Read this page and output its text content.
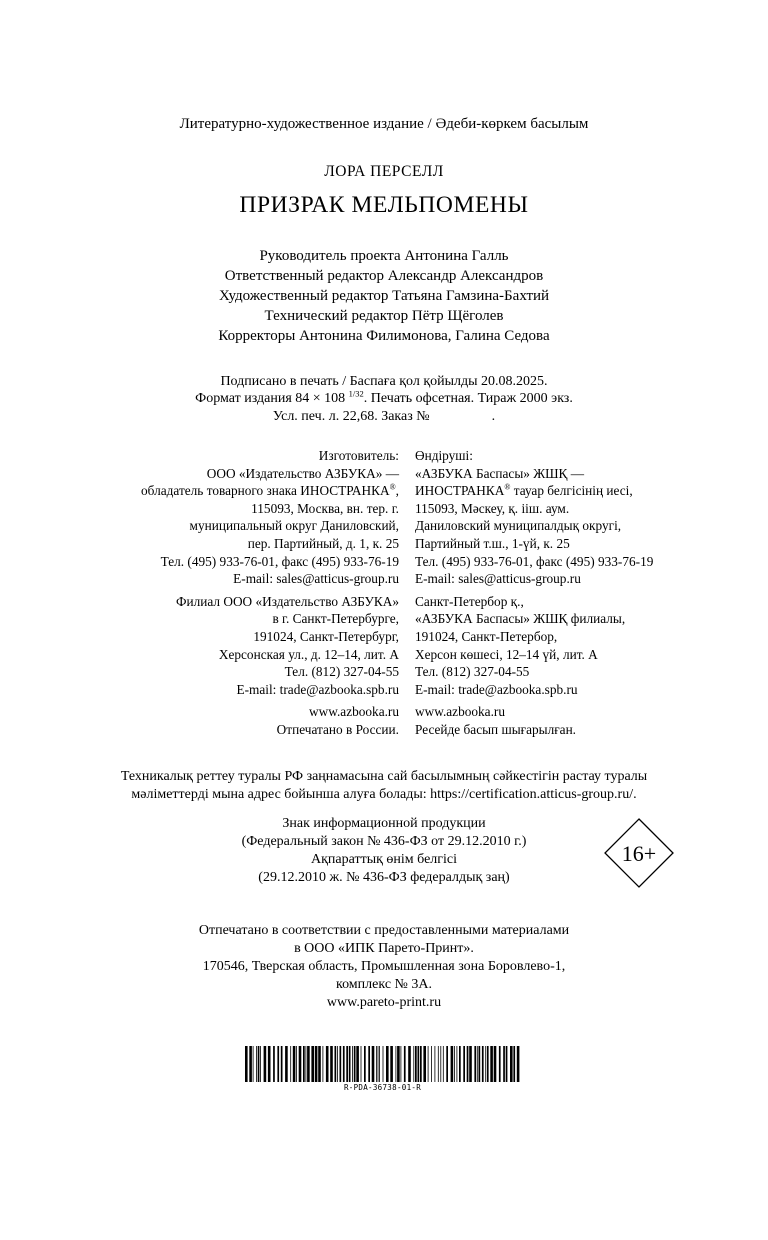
Литературно-художественное издание / Әдеби-көркем басылым
ЛОРА ПЕРСЕЛЛ
ПРИЗРАК МЕЛЬПОМЕНЫ
Руководитель проекта Антонина Галль
Ответственный редактор Александр Александров
Художественный редактор Татьяна Гамзина-Бахтий
Технический редактор Пётр Щёголев
Корректоры Антонина Филимонова, Галина Седова
Подписано в печать / Баспаға қол қойылды 20.08.2025.
Формат издания 84 × 108 $^{1/32}$. Печать офсетная. Тираж 2000 экз.
Усл. печ. л. 22,68. Заказ №	.
Изготовитель:
ООО «Издательство АЗБУКА» —
обладатель товарного знака ИНОСТРАНКА®,
115093, Москва, вн. тер. г.
муниципальный округ Даниловский,
пер. Партийный, д. 1, к. 25
Тел. (495) 933-76-01, факс (495) 933-76-19
E-mail: sales@atticus-group.ru
Филиал ООО «Издательство АЗБУКА»
в г. Санкт-Петербурге,
191024, Санкт-Петербург,
Херсонская ул., д. 12–14, лит. А
Тел. (812) 327-04-55
E-mail: trade@azbooka.spb.ru
www.azbooka.ru
Отпечатано в России.
Өндіруші:
«АЗБУКА Баспасы» ЖШҚ —
ИНОСТРАНКА® тауар белгісінің иесі,
115093, Мәскеу, қ. ііш. аум.
Даниловский муниципалдық округі,
Партийный т.ш., 1-үй, к. 25
Тел. (495) 933-76-01, факс (495) 933-76-19
E-mail: sales@atticus-group.ru
Санкт-Петербор қ.,
«АЗБУКА Баспасы» ЖШҚ филиалы,
191024, Санкт-Петербор,
Херсон көшесі, 12–14 үй, лит. А
Тел. (812) 327-04-55
E-mail: trade@azbooka.spb.ru
www.azbooka.ru
Ресейде басып шығарылған.
Техникалық реттеу туралы РФ заңнамасына сай басылымның сәйкестігін растау туралы
мәліметтерді мына адрес бойынша алуға болады: https://certification.atticus-group.ru/.
Знак информационной продукции
(Федеральный закон № 436-ФЗ от 29.12.2010 г.)
Ақпараттық өнім белгісі
(29.12.2010 ж. № 436-ФЗ федералдық заң)
16+
Отпечатано в соответствии с предоставленными материалами
в ООО «ИПК Парето-Принт».
170546, Тверская область, Промышленная зона Боровлево-1,
комплекс № 3А.
www.pareto-print.ru
R-PDA-36738-01-R
